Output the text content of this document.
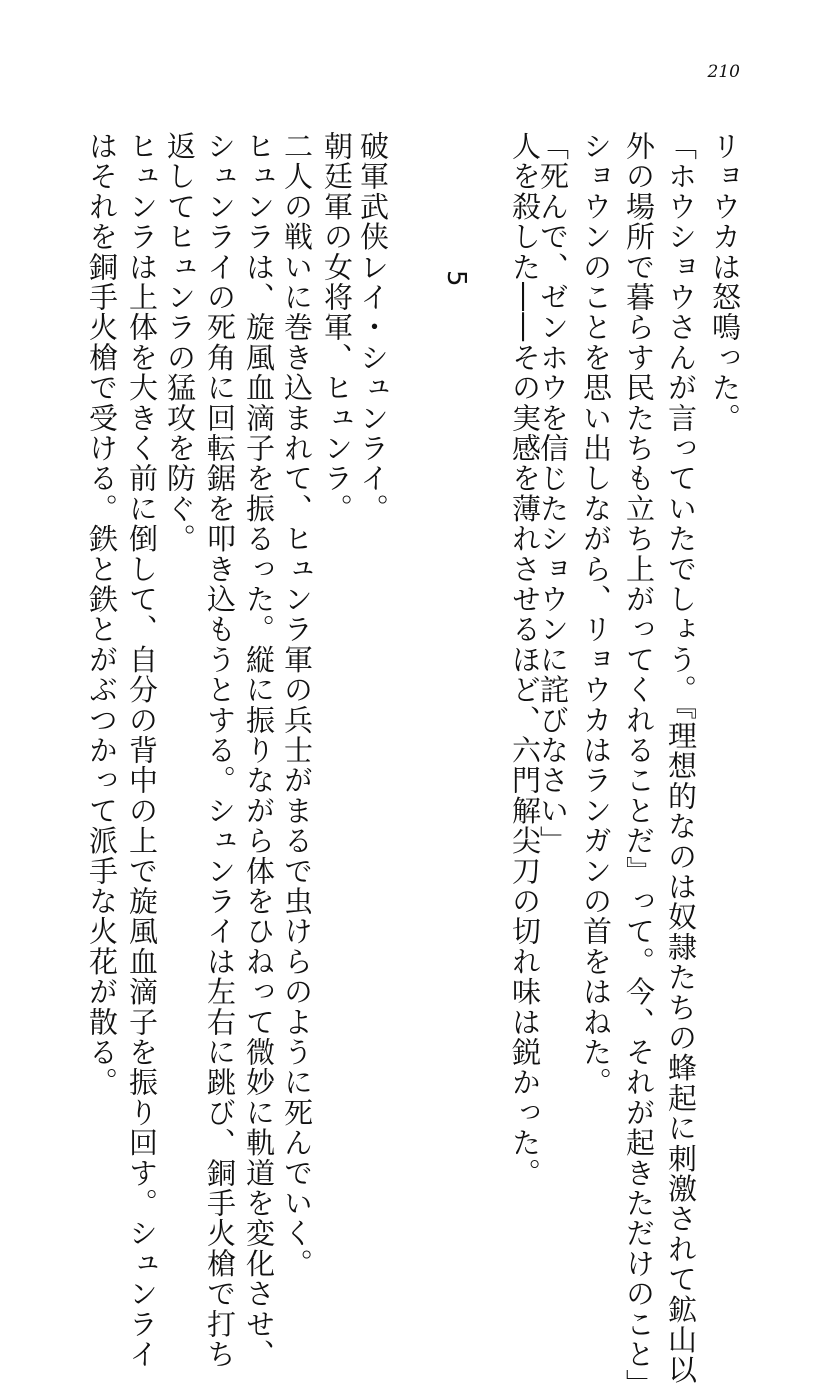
210
リョウカは怒鳴った。
「ホウショウさんが言っていたでしょう。『理想的なのは奴隷たちの蜂起に刺激されて鉱山以
外の場所で暮らす民たちも立ち上がってくれることだ』って。今、それが起きただけのこと」
ショウンのことを思い出しながら、リョウカはランガンの首をはねた。
「死んで、ゼンホウを信じたショウンに詫びなさい」
人を殺した――その実感を薄れさせるほど、六門解尖刀の切れ味は鋭かった。
5
破軍武侠レイ・シュンライ。
朝廷軍の女将軍、ヒュンラ。
二人の戦いに巻き込まれて、ヒュンラ軍の兵士がまるで虫けらのように死んでいく。
ヒュンラは、旋風血滴子を振るった。縦に振りながら体をひねって微妙に軌道を変化させ、
シュンライの死角に回転鋸を叩き込もうとする。シュンライは左右に跳び、銅手火槍で打ち
返してヒュンラの猛攻を防ぐ。
ヒュンラは上体を大きく前に倒して、自分の背中の上で旋風血滴子を振り回す。シュンライ
はそれを銅手火槍で受ける。鉄と鉄とがぶつかって派手な火花が散る。
